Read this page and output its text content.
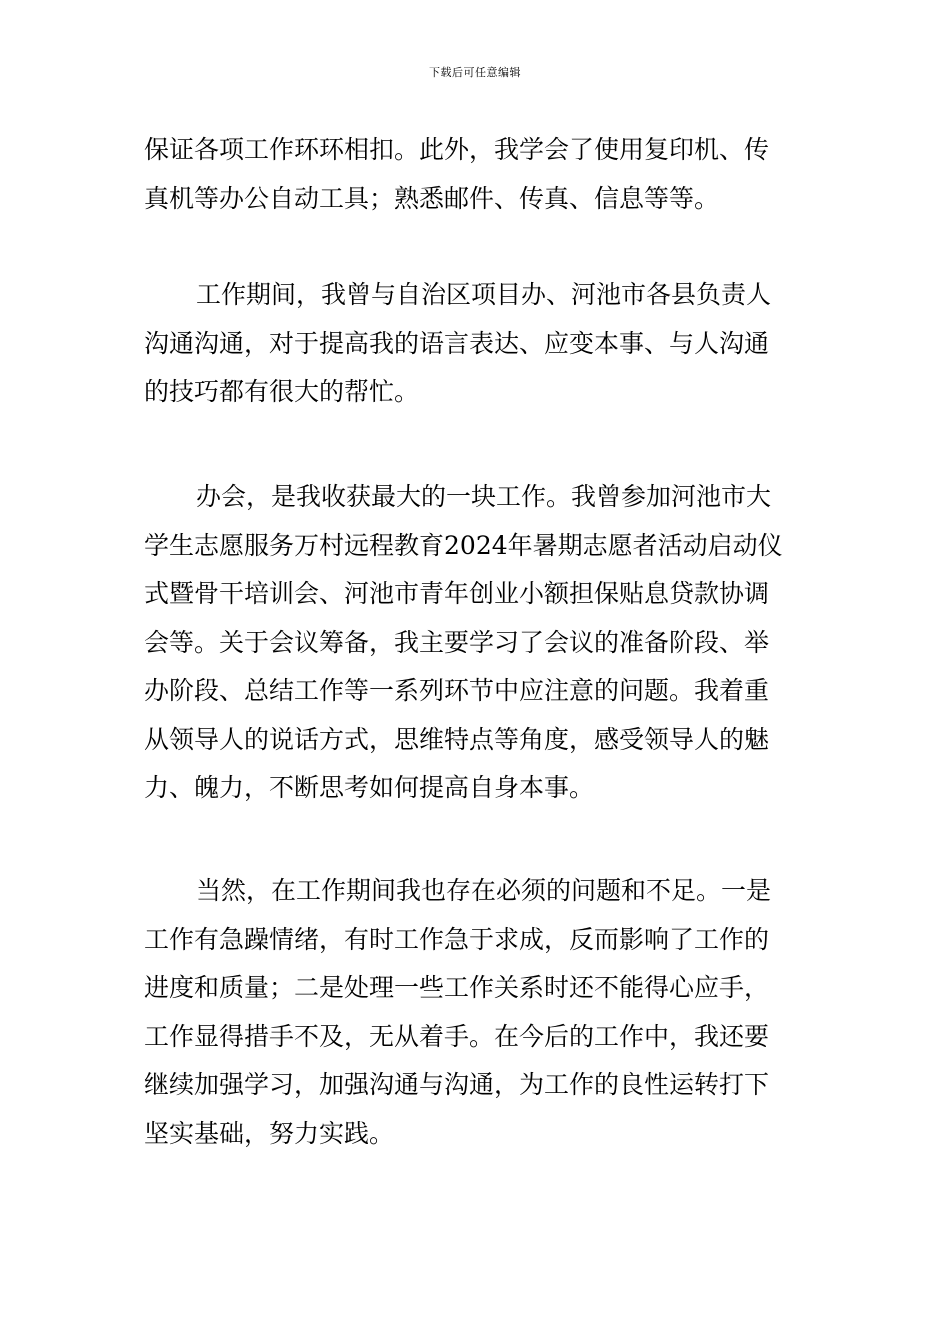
下载后可任意编辑
保证各项工作环环相扣。此外，我学会了使用复印机、传
真机等办公自动工具；熟悉邮件、传真、信息等等。
工作期间，我曾与自治区项目办、河池市各县负责人
沟通沟通，对于提高我的语言表达、应变本事、与人沟通
的技巧都有很大的帮忙。
办会，是我收获最大的一块工作。我曾参加河池市大
学生志愿服务万村远程教育2024年暑期志愿者活动启动仪
式暨骨干培训会、河池市青年创业小额担保贴息贷款协调
会等。关于会议筹备，我主要学习了会议的准备阶段、举
办阶段、总结工作等一系列环节中应注意的问题。我着重
从领导人的说话方式，思维特点等角度，感受领导人的魅
力、魄力，不断思考如何提高自身本事。
当然，在工作期间我也存在必须的问题和不足。一是
工作有急躁情绪，有时工作急于求成，反而影响了工作的
进度和质量；二是处理一些工作关系时还不能得心应手，
工作显得措手不及，无从着手。在今后的工作中，我还要
继续加强学习，加强沟通与沟通，为工作的良性运转打下
坚实基础，努力实践。
